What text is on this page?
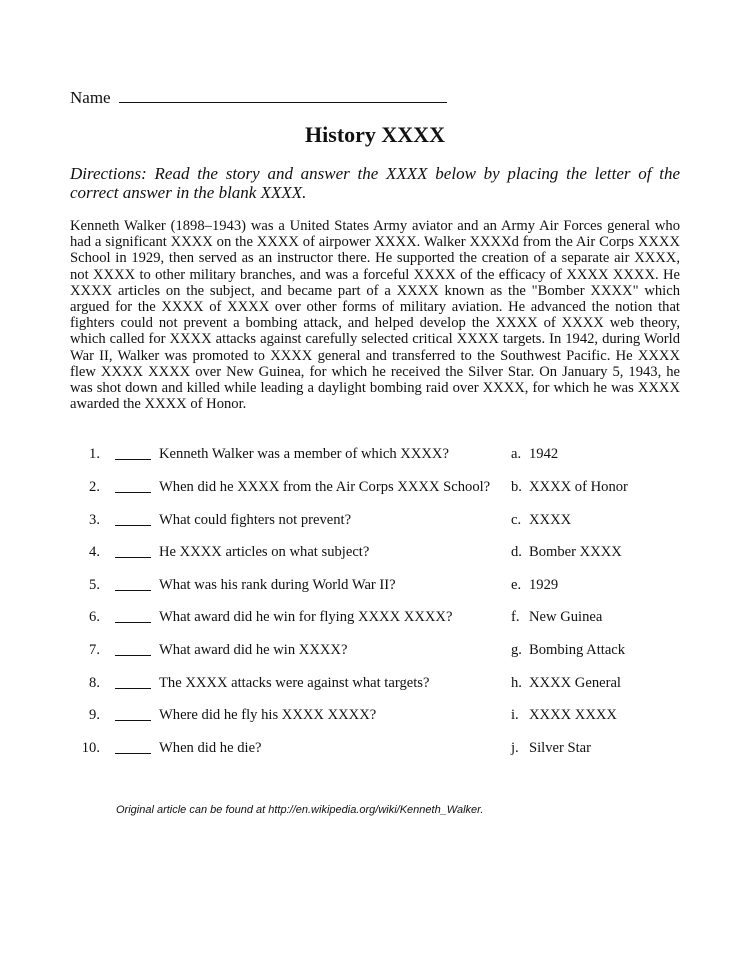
Name
History XXXX
Directions: Read the story and answer the XXXX below by placing the letter of the correct answer in the blank XXXX.
Kenneth Walker (1898–1943) was a United States Army aviator and an Army Air Forces general who had a significant XXXX on the XXXX of airpower XXXX. Walker XXXXd from the Air Corps XXXX School in 1929, then served as an instructor there. He supported the creation of a separate air XXXX, not XXXX to other military branches, and was a forceful XXXX of the efficacy of XXXX XXXX. He XXXX articles on the subject, and became part of a XXXX known as the "Bomber XXXX" which argued for the XXXX of XXXX over other forms of military aviation. He advanced the notion that fighters could not prevent a bombing attack, and helped develop the XXXX of XXXX web theory, which called for XXXX attacks against carefully selected critical XXXX targets. In 1942, during World War II, Walker was promoted to XXXX general and transferred to the Southwest Pacific. He XXXX flew XXXX XXXX over New Guinea, for which he received the Silver Star. On January 5, 1943, he was shot down and killed while leading a daylight bombing raid over XXXX, for which he was XXXX awarded the XXXX of Honor.
1.	Kenneth Walker was a member of which XXXX?	a. 1942
2.	When did he XXXX from the Air Corps XXXX School? b. XXXX of Honor
3.	What could fighters not prevent?	c. XXXX
4.	He XXXX articles on what subject?	d. Bomber XXXX
5.	What was his rank during World War II?	e. 1929
6.	What award did he win for flying XXXX XXXX?	f. New Guinea
7.	What award did he win XXXX?	g. Bombing Attack
8.	The XXXX attacks were against what targets?	h. XXXX General
9.	Where did he fly his XXXX XXXX?	i. XXXX XXXX
10.	When did he die?	j. Silver Star
Original article can be found at http://en.wikipedia.org/wiki/Kenneth_Walker.
